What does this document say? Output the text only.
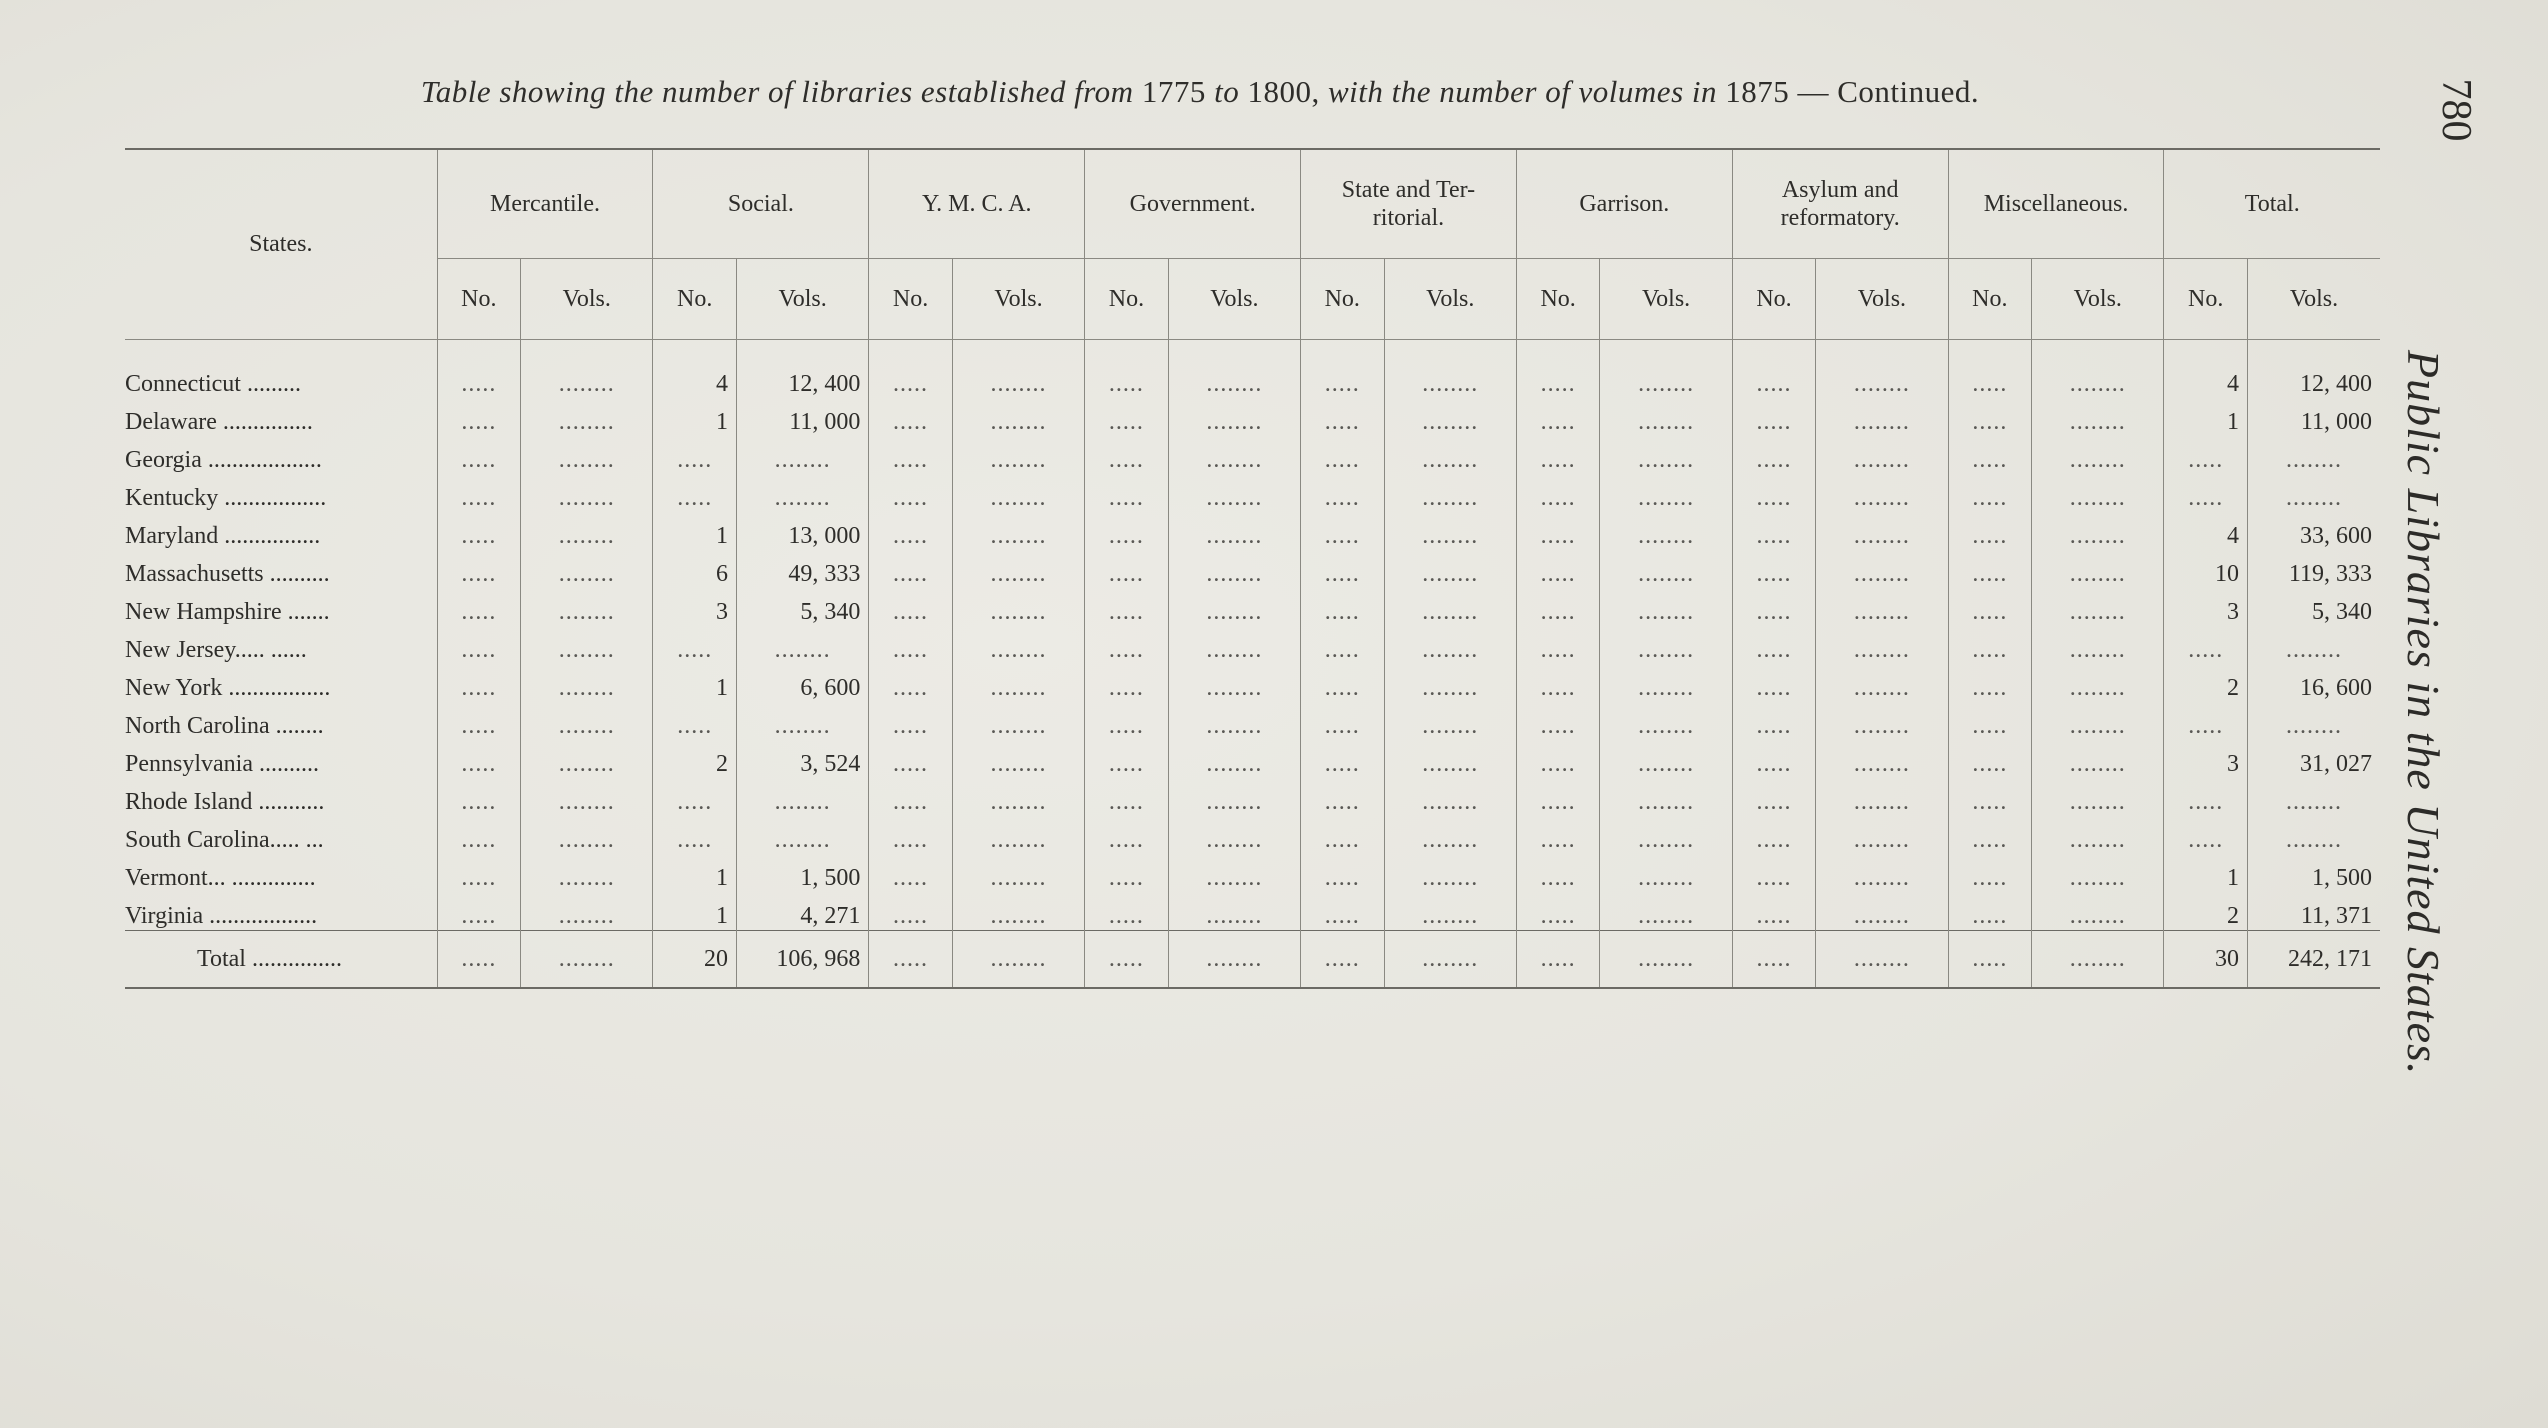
Table showing the number of libraries established from 1775 to 1800, with the number of volumes in 1875 — Continued.	780
Public Libraries in the United States.
States.	Mercantile.		Social.		Y. M. C. A.		Government.		State and Ter-
ritorial.		Garrison.		Asylum and
reformatory.		Miscellaneous.		Total.	
	No.	Vols.	No.	Vols.	No.	Vols.	No.	Vols.	No.	Vols.	No.	Vols.	No.	Vols.	No.	Vols.	No.	Vols.
Connecticut .........	.....	........	4	12, 400	.....	........	.....	........	.....	........	.....	........	.....	........	.....	........	4	12, 400
Delaware ...............	.....	........	1	11, 000	.....	........	.....	........	.....	........	.....	........	.....	........	.....	........	1	11, 000
Georgia ...................	.....	........	.....	........	.....	........	.....	........	.....	........	.....	........	.....	........	.....	........	.....	........
Kentucky .................	.....	........	.....	........	.....	........	.....	........	.....	........	.....	........	.....	........	.....	........	.....	........
Maryland ................	.....	........	1	13, 000	.....	........	.....	........	.....	........	.....	........	.....	........	.....	........	4	33, 600
Massachusetts ..........	.....	........	6	49, 333	.....	........	.....	........	.....	........	.....	........	.....	........	.....	........	10	119, 333
New Hampshire .......	.....	........	3	5, 340	.....	........	.....	........	.....	........	.....	........	.....	........	.....	........	3	5, 340
New Jersey..... ......	.....	........	.....	........	.....	........	.....	........	.....	........	.....	........	.....	........	.....	........	.....	........
New York .................	.....	........	1	6, 600	.....	........	.....	........	.....	........	.....	........	.....	........	.....	........	2	16, 600
North Carolina ........	.....	........	.....	........	.....	........	.....	........	.....	........	.....	........	.....	........	.....	........	.....	........
Pennsylvania ..........	.....	........	2	3, 524	.....	........	.....	........	.....	........	.....	........	.....	........	.....	........	3	31, 027
Rhode Island ...........	.....	........	.....	........	.....	........	.....	........	.....	........	.....	........	.....	........	.....	........	.....	........
South Carolina..... ...	.....	........	.....	........	.....	........	.....	........	.....	........	.....	........	.....	........	.....	........	.....	........
Vermont... ..............	.....	........	1	1, 500	.....	........	.....	........	.....	........	.....	........	.....	........	.....	........	1	1, 500
Virginia ..................	.....	........	1	4, 271	.....	........	.....	........	.....	........	.....	........	.....	........	.....	........	2	11, 371
Total ...............	.....	........	20	106, 968	.....	........	.....	........	.....	........	.....	........	.....	........	.....	........	30	242, 171
